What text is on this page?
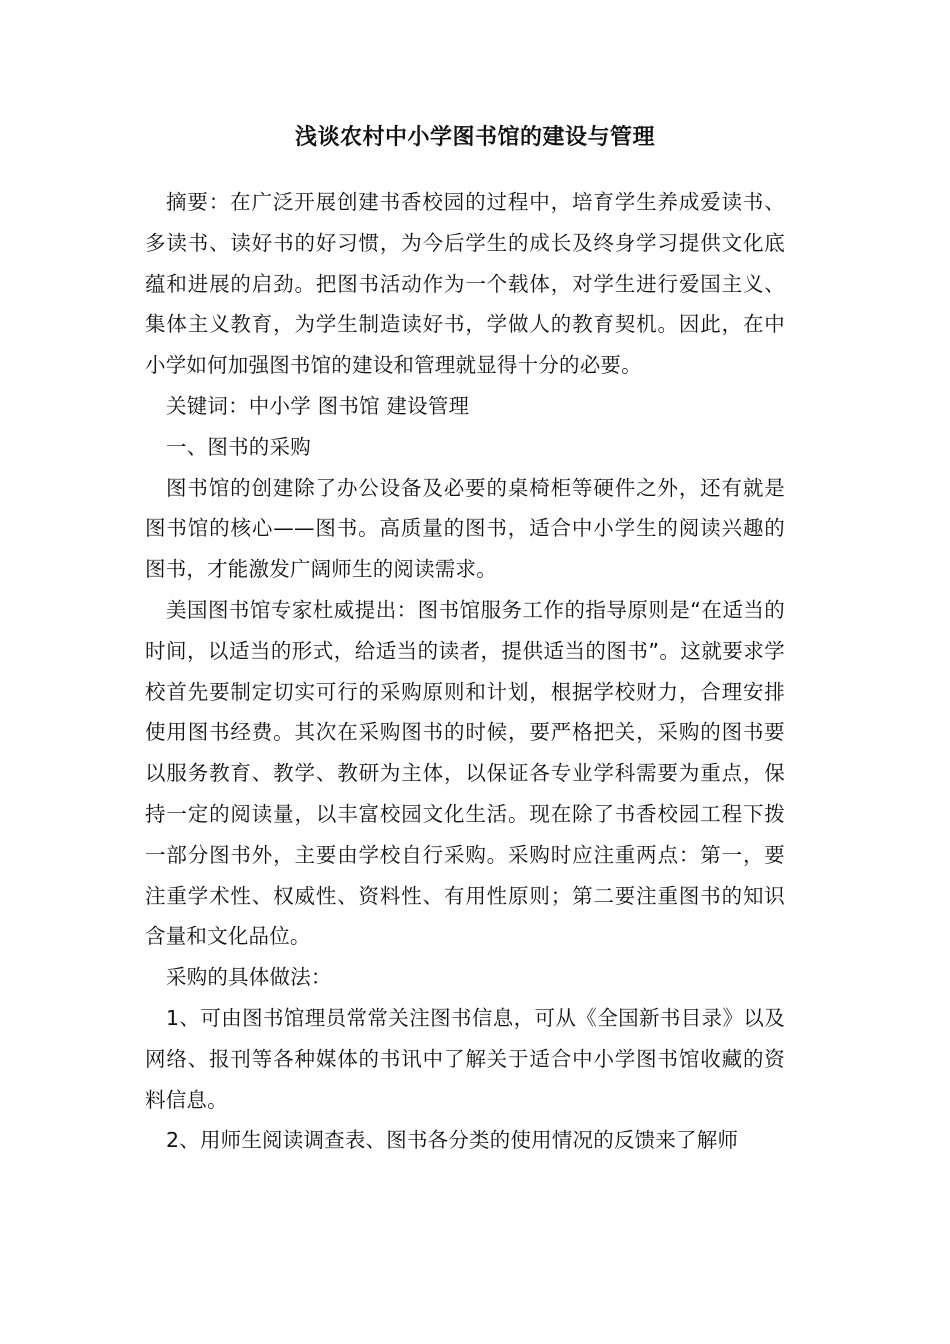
浅谈农村中小学图书馆的建设与管理

摘要：在广泛开展创建书香校园的过程中，培育学生养成爱读书、多读书、读好书的好习惯，为今后学生的成长及终身学习提供文化底蕴和进展的启劲。把图书活动作为一个载体，对学生进行爱国主义、集体主义教育，为学生制造读好书，学做人的教育契机。因此，在中小学如何加强图书馆的建设和管理就显得十分的必要。

关键词：中小学 图书馆 建设管理

一、图书的采购

图书馆的创建除了办公设备及必要的桌椅柜等硬件之外，还有就是图书馆的核心——图书。高质量的图书，适合中小学生的阅读兴趣的图书，才能激发广阔师生的阅读需求。

美国图书馆专家杜威提出：图书馆服务工作的指导原则是“在适当的时间，以适当的形式，给适当的读者，提供适当的图书”。这就要求学校首先要制定切实可行的采购原则和计划，根据学校财力，合理安排使用图书经费。其次在采购图书的时候，要严格把关，采购的图书要以服务教育、教学、教研为主体，以保证各专业学科需要为重点，保持一定的阅读量，以丰富校园文化生活。现在除了书香校园工程下拨一部分图书外，主要由学校自行采购。采购时应注重两点：第一，要注重学术性、权威性、资料性、有用性原则；第二要注重图书的知识含量和文化品位。

采购的具体做法：

1、可由图书馆理员常常关注图书信息，可从《全国新书目录》以及网络、报刊等各种媒体的书讯中了解关于适合中小学图书馆收藏的资料信息。

2、用师生阅读调查表、图书各分类的使用情况的反馈来了解师
